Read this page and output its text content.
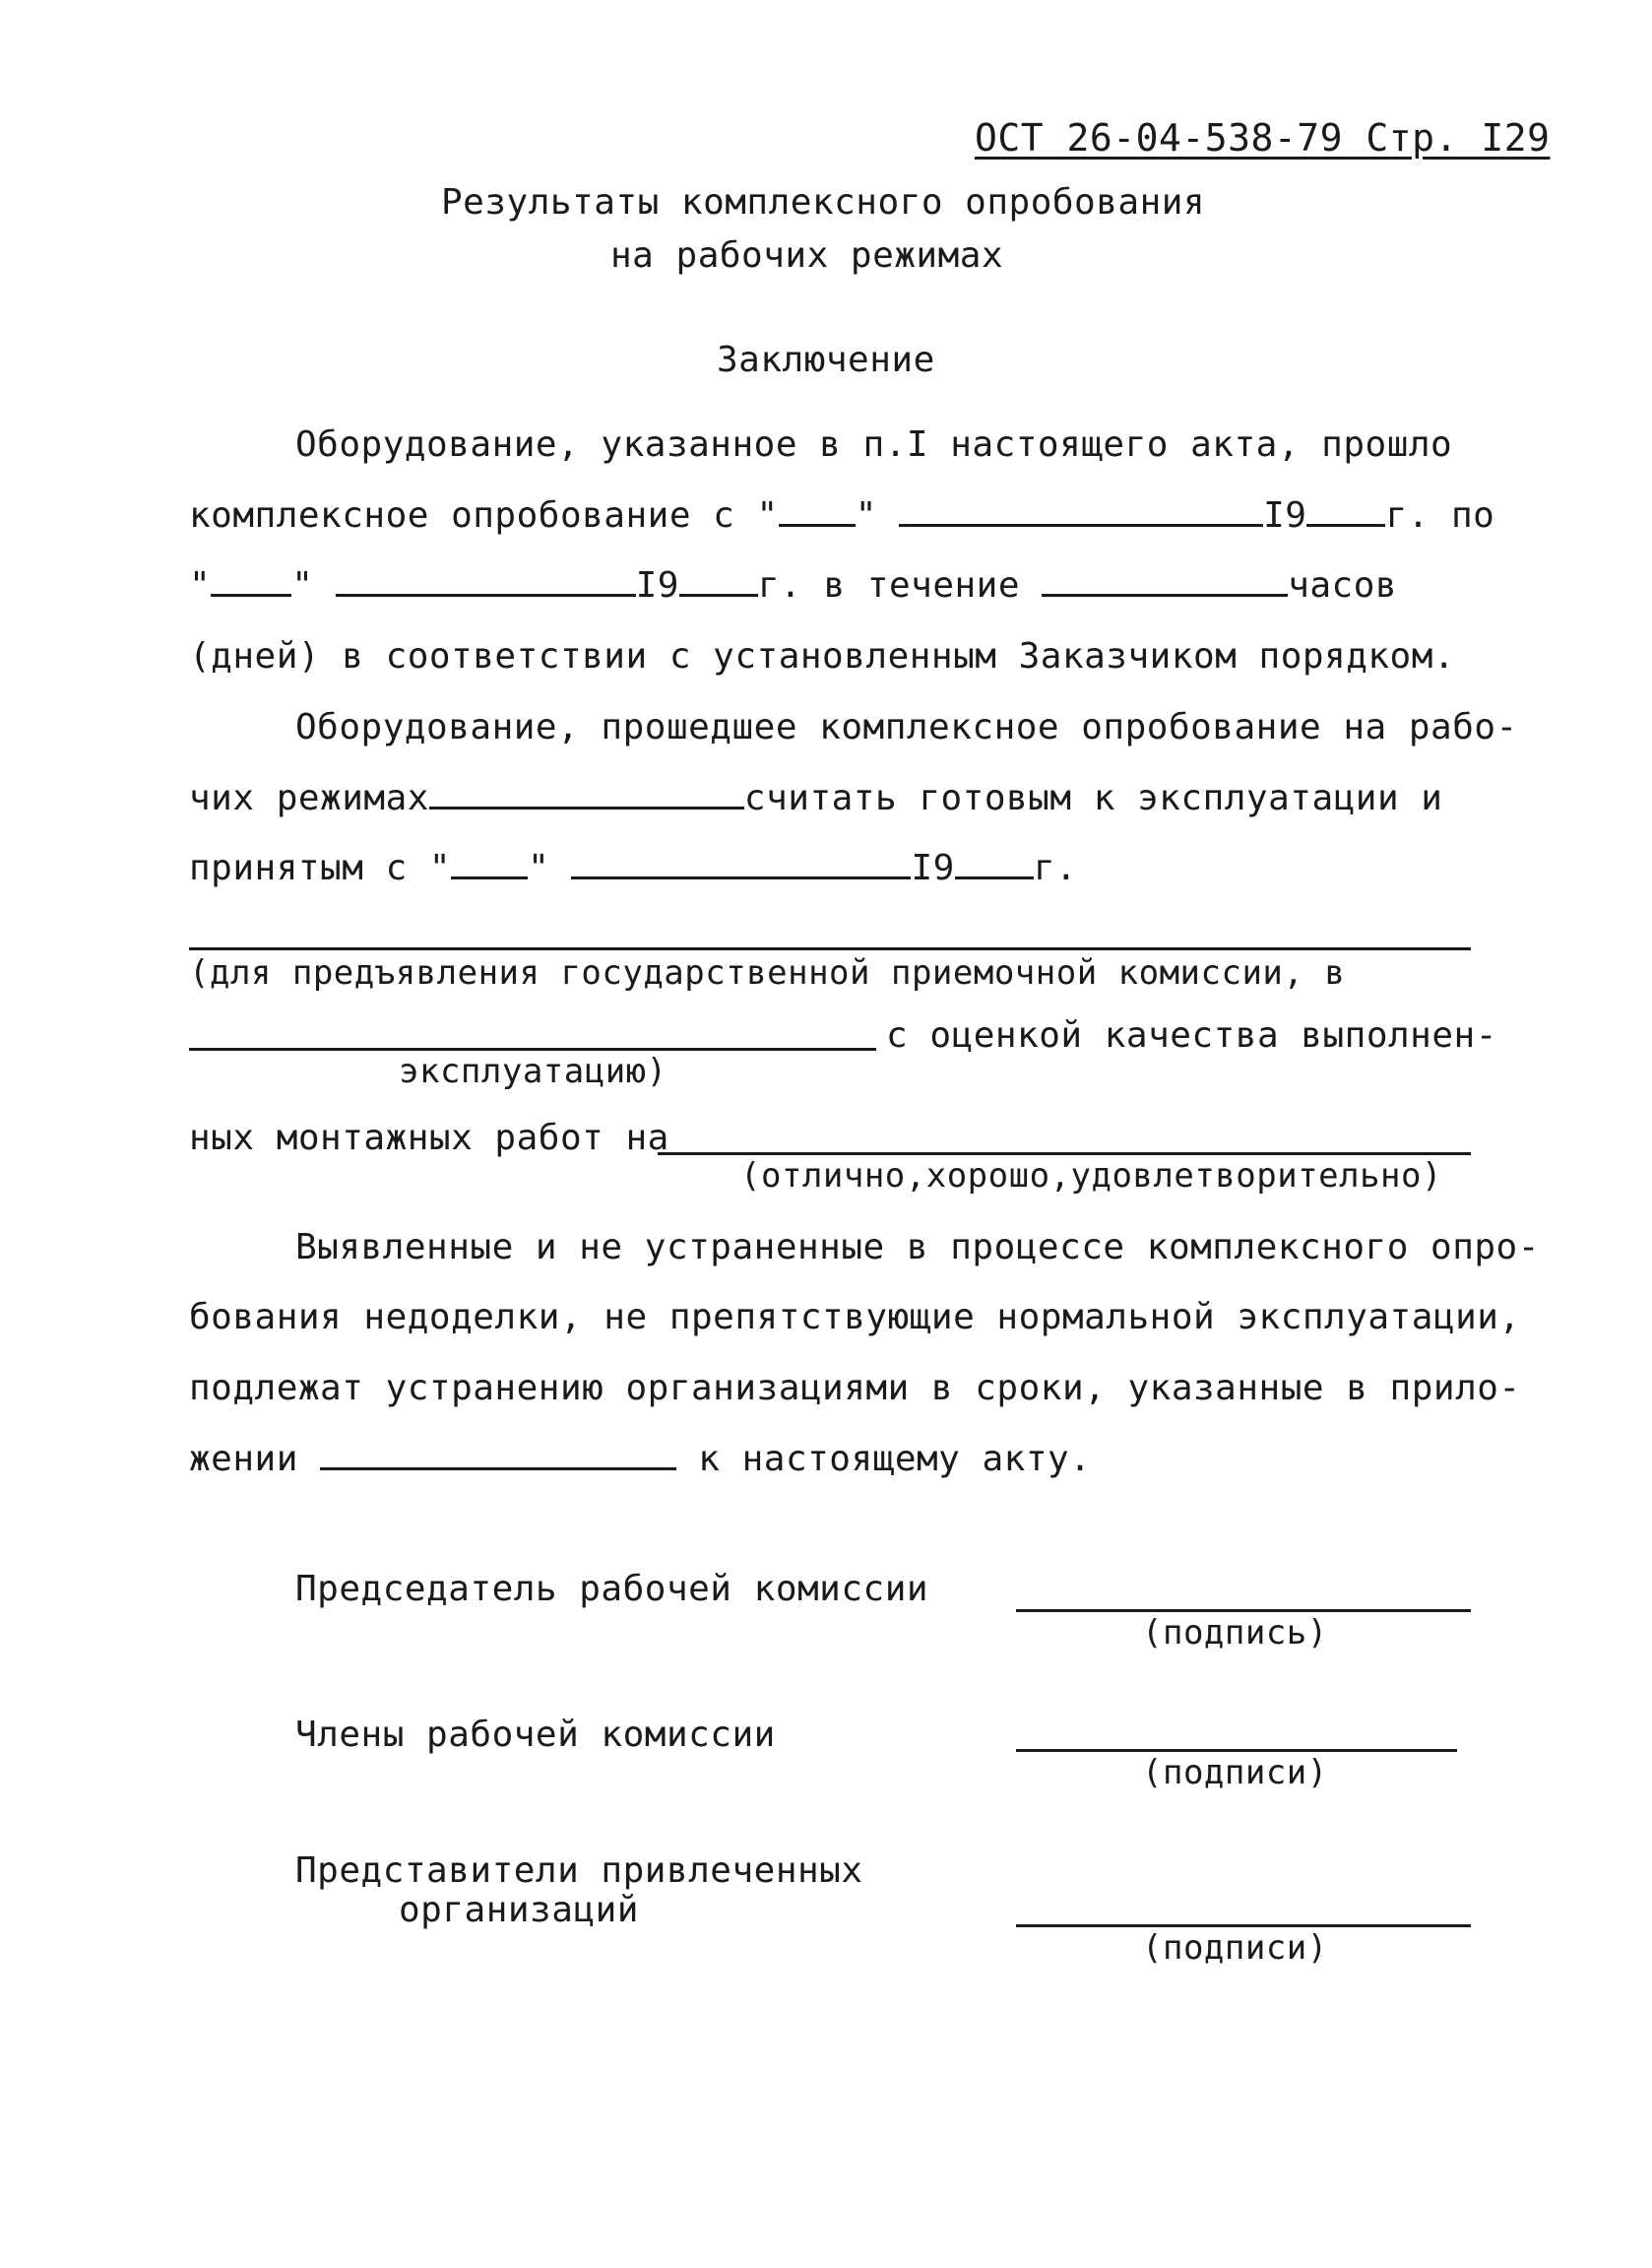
ОСТ 26-04-538-79 Стр. I29
Результаты комплексного опробования
на рабочих режимах
Заключение
Оборудование, указанное в п.I настоящего акта, прошло
комплексное опробование с " "	I9 г. по
" "	I9 г. в течение	часов
(дней) в соответствии с установленным Заказчиком порядком.
Оборудование, прошедшее комплексное опробование на рабо-
чих режимах	считать готовым к эксплуатации и
принятым с " "	I9 г.
(для предъявления государственной приемочной комиссии, в
с оценкой качества выполнен-
эксплуатацию)
ных монтажных работ на
(отлично,хорошо,удовлетворительно)
Выявленные и не устраненные в процессе комплексного опро-
бования недоделки, не препятствующие нормальной эксплуатации,
подлежат устранению организациями в сроки, указанные в прило-
жении	к настоящему акту.
Председатель рабочей комиссии
(подпись)
Члены рабочей комиссии
(подписи)
Представители привлеченных
организаций
(подписи)
